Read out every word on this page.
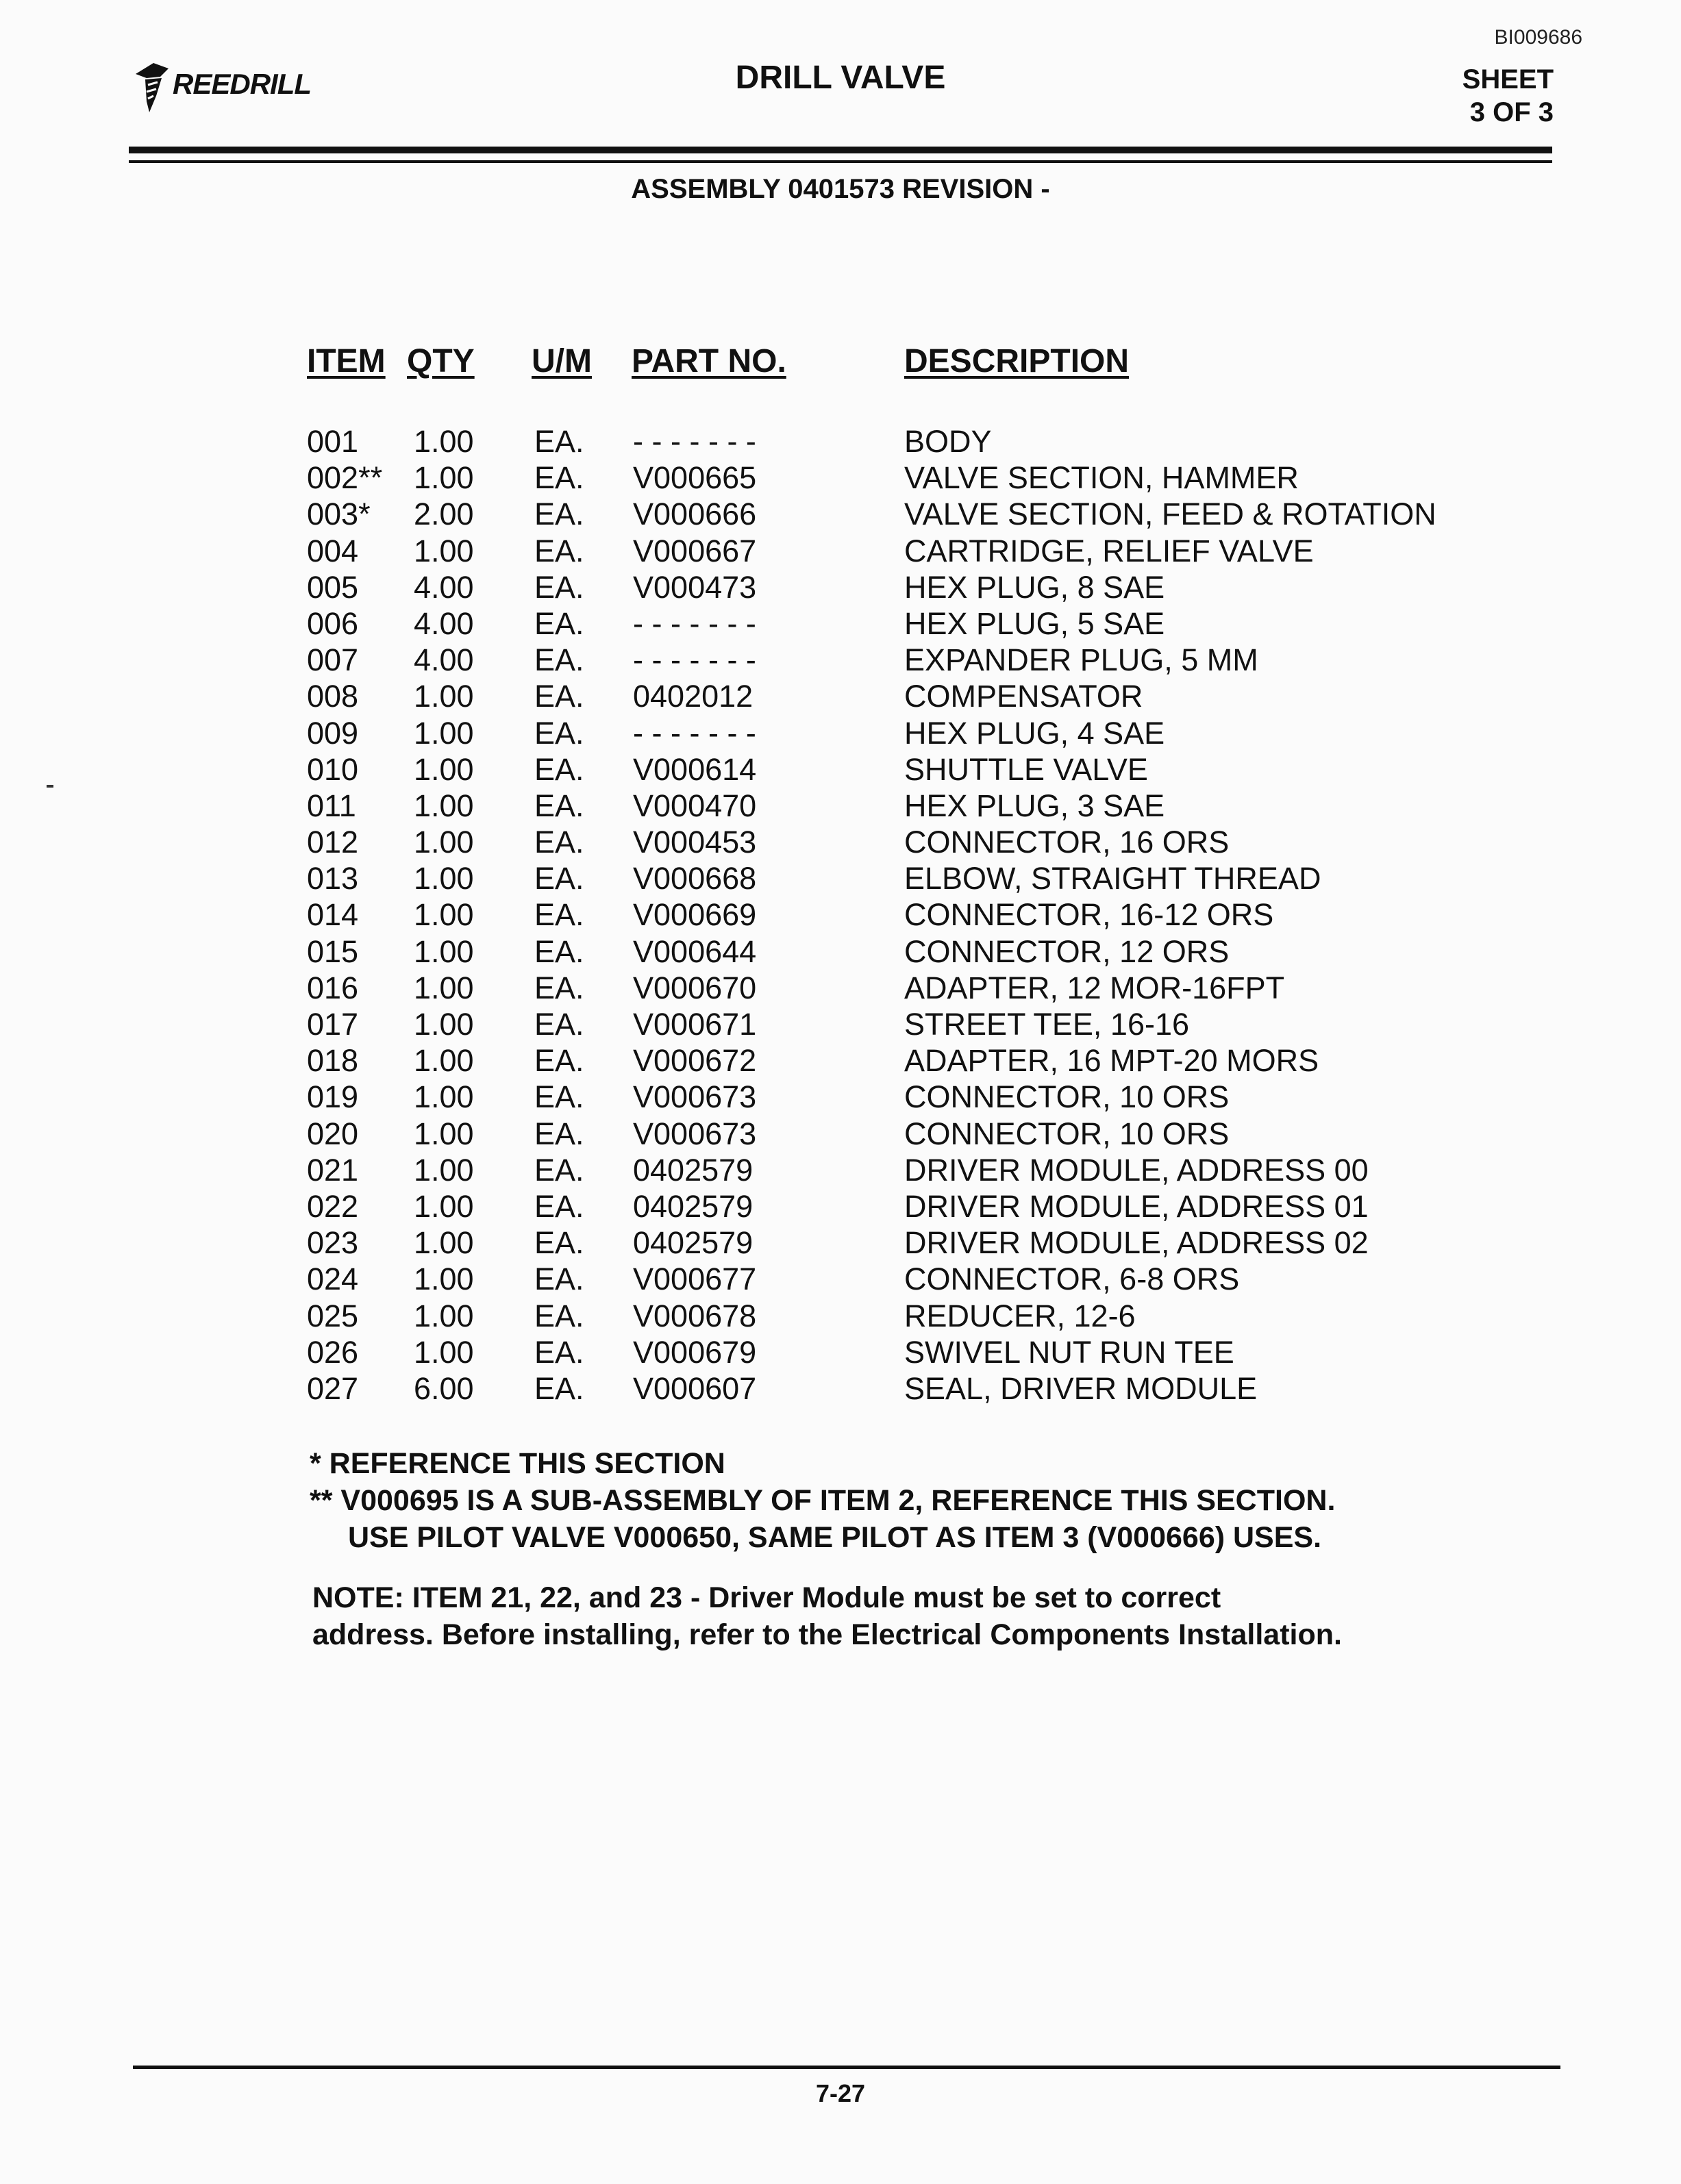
BI009686
REEDRILL	DRILL VALVE	SHEET
3 OF 3
ASSEMBLY 0401573 REVISION -
ITEM QTY U/M PART NO.	DESCRIPTION
001 1.00 EA. - - - - - - -	BODY
002** 1.00 EA. V000665	VALVE SECTION, HAMMER
003* 2.00 EA. V000666	VALVE SECTION, FEED & ROTATION
004 1.00 EA. V000667	CARTRIDGE, RELIEF VALVE
005 4.00 EA. V000473	HEX PLUG, 8 SAE
006 4.00 EA. - - - - - - -	HEX PLUG, 5 SAE
007 4.00 EA. - - - - - - -	EXPANDER PLUG, 5 MM
008 1.00 EA. 0402012	COMPENSATOR
009 1.00 EA. - - - - - - -	HEX PLUG, 4 SAE
010 1.00 EA. V000614	SHUTTLE VALVE
011 1.00 EA. V000470	HEX PLUG, 3 SAE
012 1.00 EA. V000453	CONNECTOR, 16 ORS
013 1.00 EA. V000668	ELBOW, STRAIGHT THREAD
014 1.00 EA. V000669	CONNECTOR, 16-12 ORS
015 1.00 EA. V000644	CONNECTOR, 12 ORS
016 1.00 EA. V000670	ADAPTER, 12 MOR-16FPT
017 1.00 EA. V000671	STREET TEE, 16-16
018 1.00 EA. V000672	ADAPTER, 16 MPT-20 MORS
019 1.00 EA. V000673	CONNECTOR, 10 ORS
020 1.00 EA. V000673	CONNECTOR, 10 ORS
021 1.00 EA. 0402579	DRIVER MODULE, ADDRESS 00
022 1.00 EA. 0402579	DRIVER MODULE, ADDRESS 01
023 1.00 EA. 0402579	DRIVER MODULE, ADDRESS 02
024 1.00 EA. V000677	CONNECTOR, 6-8 ORS
025 1.00 EA. V000678	REDUCER, 12-6
026 1.00 EA. V000679	SWIVEL NUT RUN TEE
027 6.00 EA. V000607	SEAL, DRIVER MODULE
* REFERENCE THIS SECTION
** V000695 IS A SUB-ASSEMBLY OF ITEM 2, REFERENCE THIS SECTION.
USE PILOT VALVE V000650, SAME PILOT AS ITEM 3 (V000666) USES.
NOTE: ITEM 21, 22, and 23 - Driver Module must be set to correct
address. Before installing, refer to the Electrical Components Installation.
7-27
